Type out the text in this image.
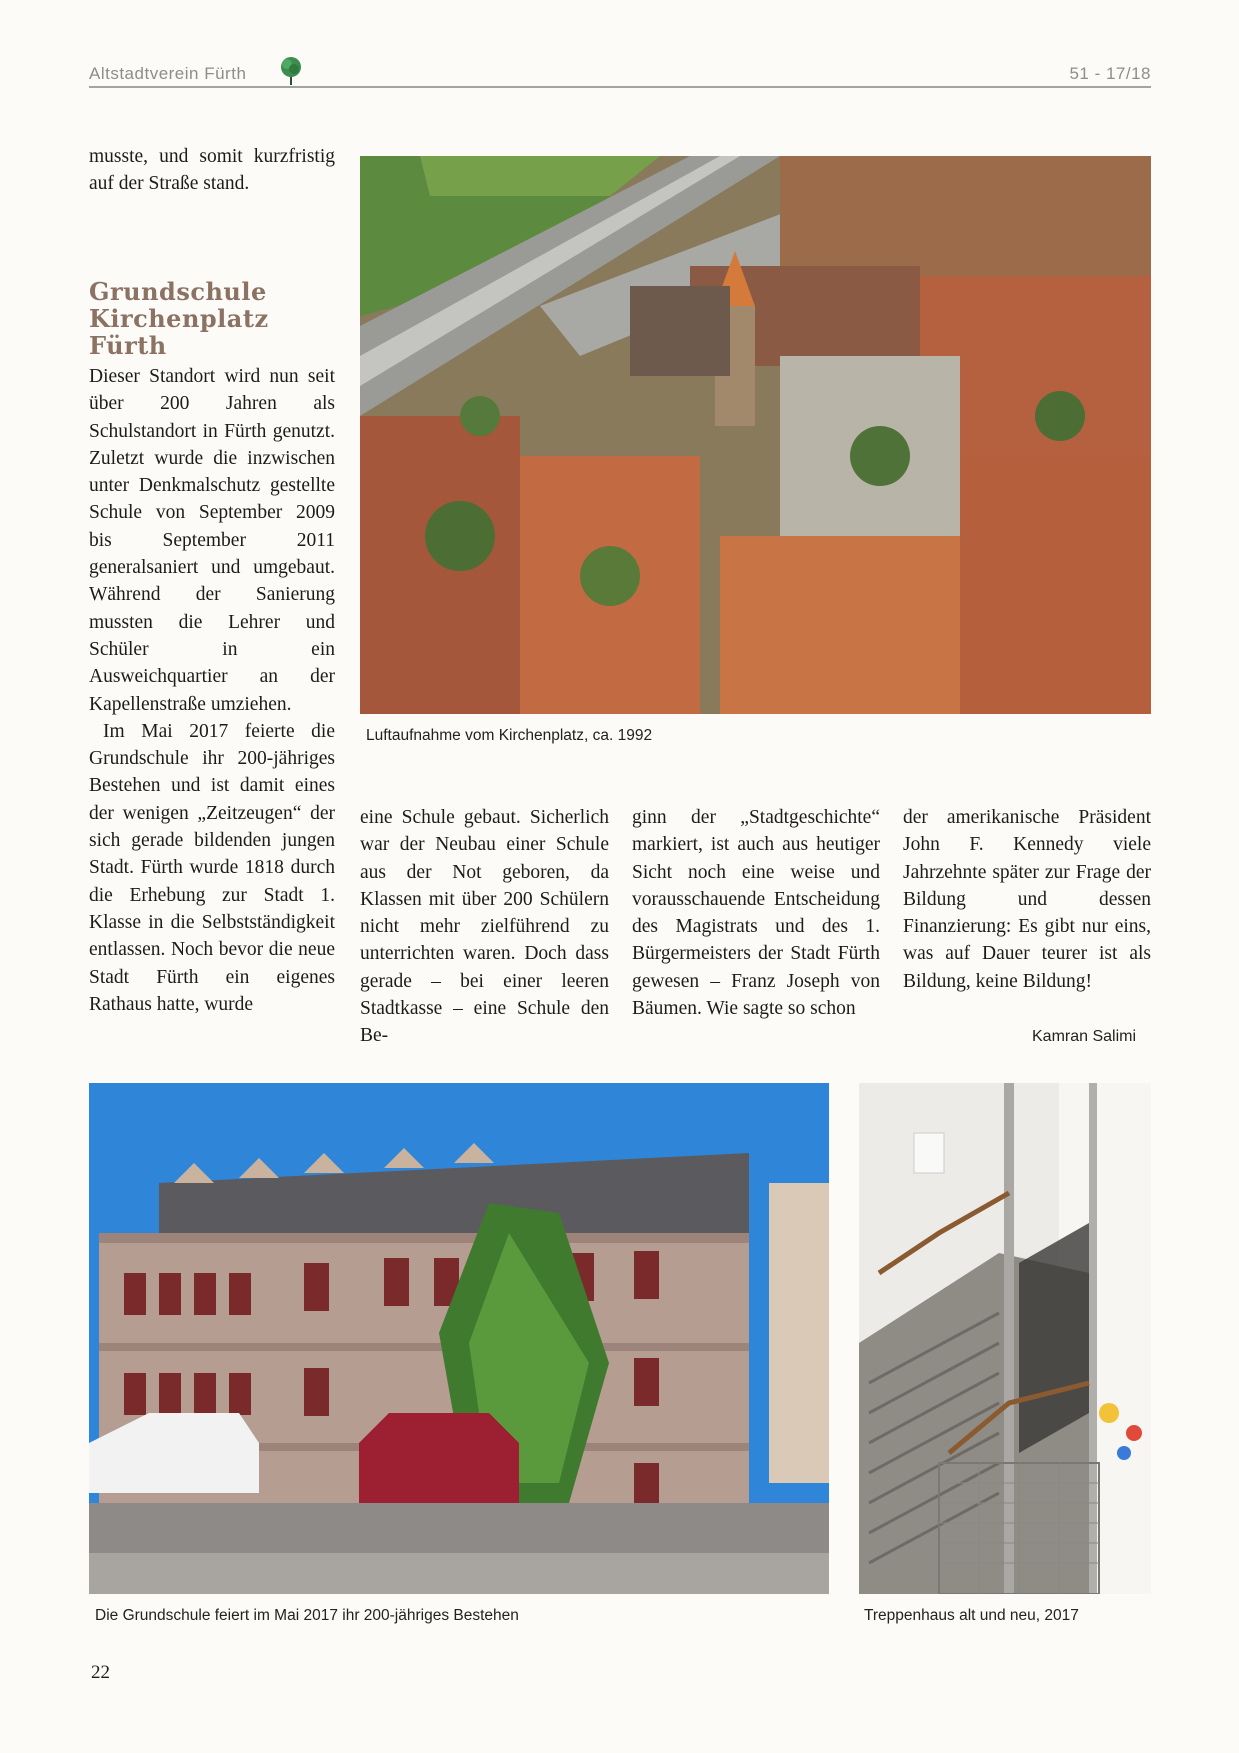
Altstadtverein Fürth	51 - 17/18

musste, und somit kurzfristig auf der Straße stand.

Grundschule Kirchenplatz Fürth

Dieser Standort wird nun seit über 200 Jahren als Schulstandort in Fürth genutzt. Zuletzt wurde die inzwischen unter Denkmalschutz gestellte Schule von September 2009 bis September 2011 generalsaniert und umgebaut. Während der Sanierung mussten die Lehrer und Schüler in ein Ausweichquartier an der Kapellenstraße umziehen.

Im Mai 2017 feierte die Grundschule ihr 200-jähriges Bestehen und ist damit eines der wenigen „Zeitzeugen“ der sich gerade bildenden jungen Stadt. Fürth wurde 1818 durch die Erhebung zur Stadt 1. Klasse in die Selbstständigkeit entlassen. Noch bevor die neue Stadt Fürth ein eigenes Rathaus hatte, wurde

Luftaufnahme vom Kirchenplatz, ca. 1992

eine Schule gebaut. Sicherlich war der Neubau einer Schule aus der Not geboren, da Klassen mit über 200 Schülern nicht mehr zielführend zu unterrichten waren. Doch dass gerade – bei einer leeren Stadtkasse – eine Schule den Be-

ginn der „Stadtgeschichte“ markiert, ist auch aus heutiger Sicht noch eine weise und vorausschauende Entscheidung des Magistrats und des 1. Bürgermeisters der Stadt Fürth gewesen – Franz Joseph von Bäumen. Wie sagte so schon

der amerikanische Präsident John F. Kennedy viele Jahrzehnte später zur Frage der Bildung und dessen Finanzierung: Es gibt nur eins, was auf Dauer teurer ist als Bildung, keine Bildung!

Kamran Salimi
Die Grundschule feiert im Mai 2017 ihr 200-jähriges Bestehen	Treppenhaus alt und neu, 2017
22
